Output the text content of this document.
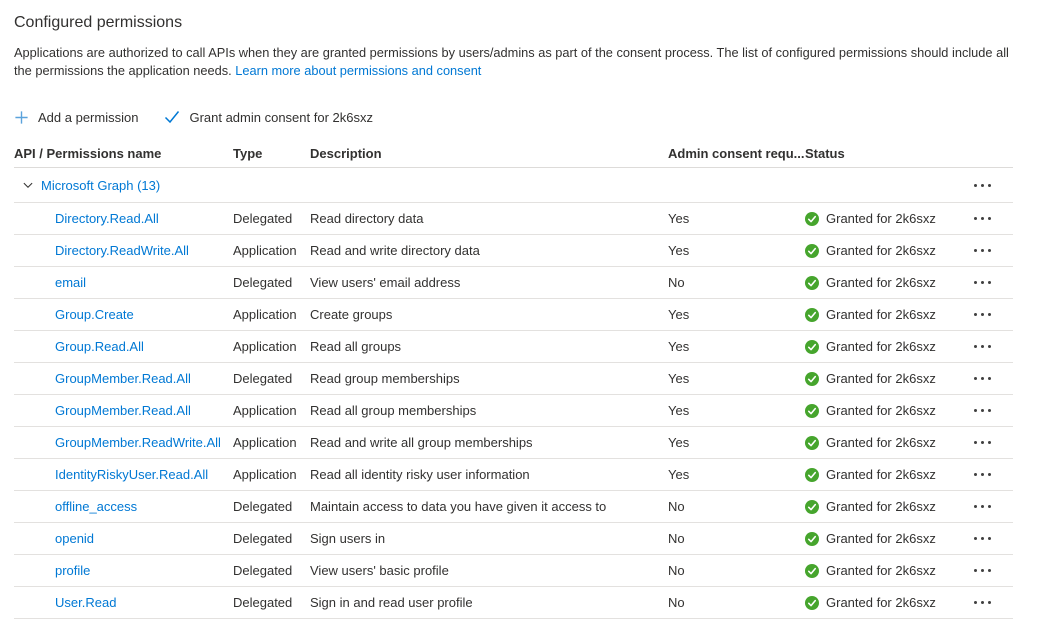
Configured permissions

Applications are authorized to call APIs when they are granted permissions by users/admins as part of the consent process. The list of configured permissions should include all the permissions the application needs. Learn more about permissions and consent

Add a permission	Grant admin consent for 2k6sxz
API / Permissions name	Type	Description	Admin consent requ... Status
Microsoft Graph (13)
Directory.Read.All	Delegated	Read directory data	Yes	Granted for 2k6sxz
Directory.ReadWrite.All	Application	Read and write directory data	Yes	Granted for 2k6sxz
email	Delegated	View users' email address	No	Granted for 2k6sxz
Group.Create	Application	Create groups	Yes	Granted for 2k6sxz
Group.Read.All	Application	Read all groups	Yes	Granted for 2k6sxz
GroupMember.Read.All	Delegated	Read group memberships	Yes	Granted for 2k6sxz
GroupMember.Read.All	Application	Read all group memberships	Yes	Granted for 2k6sxz
GroupMember.ReadWrite.All Application	Read and write all group memberships	Yes	Granted for 2k6sxz
IdentityRiskyUser.Read.All	Application	Read all identity risky user information	Yes	Granted for 2k6sxz
offline_access	Delegated	Maintain access to data you have given it access to	No	Granted for 2k6sxz
openid	Delegated	Sign users in	No	Granted for 2k6sxz
profile	Delegated	View users' basic profile	No	Granted for 2k6sxz
User.Read	Delegated	Sign in and read user profile	No	Granted for 2k6sxz
